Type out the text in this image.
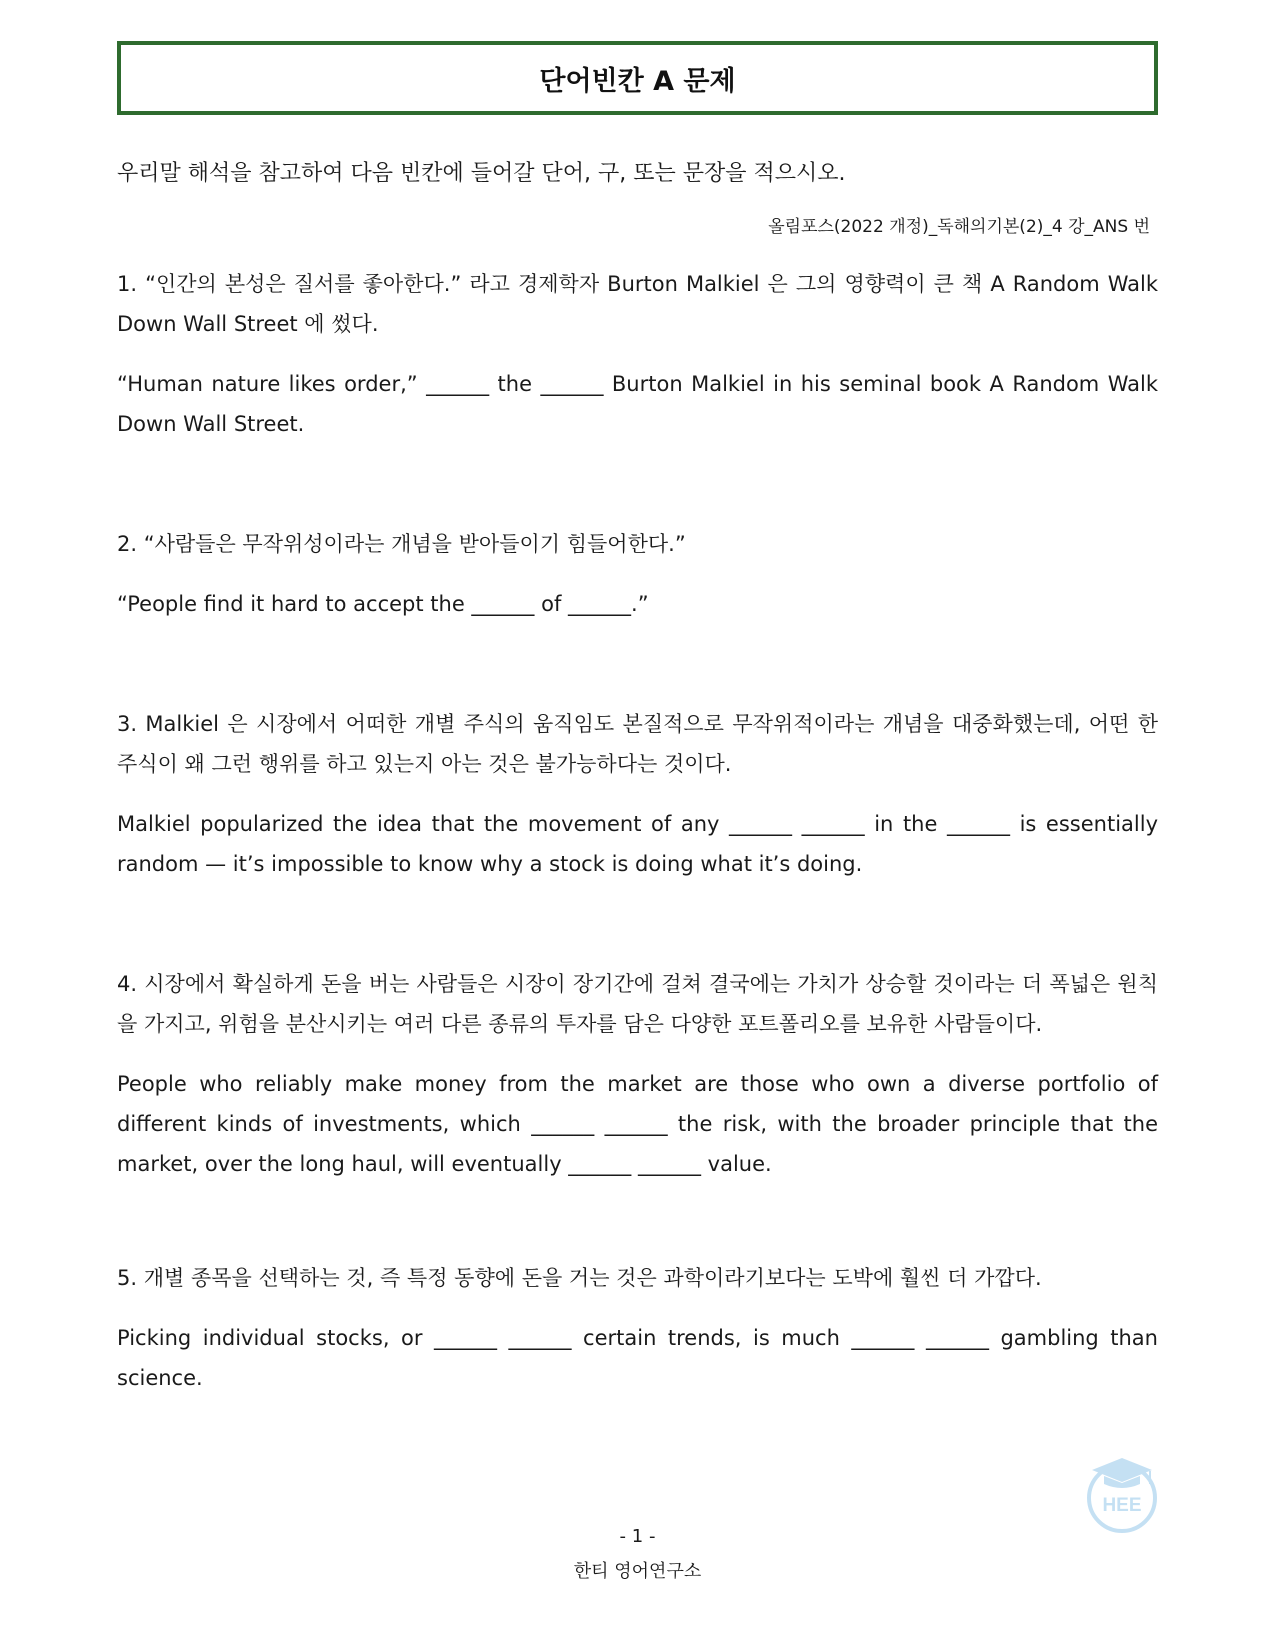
단어빈칸 A 문제
우리말 해석을 참고하여 다음 빈칸에 들어갈 단어, 구, 또는 문장을 적으시오.
올림포스(2022 개정)_독해의기본(2)_4 강_ANS 번

1. “인간의 본성은 질서를 좋아한다.” 라고 경제학자 Burton Malkiel 은 그의 영향력이 큰 책 A Random Walk Down Wall Street 에 썼다.

“Human nature likes order,” ______ the ______ Burton Malkiel in his seminal book A Random Walk Down Wall Street.

2. “사람들은 무작위성이라는 개념을 받아들이기 힘들어한다.”

“People find it hard to accept the ______ of ______.”

3. Malkiel 은 시장에서 어떠한 개별 주식의 움직임도 본질적으로 무작위적이라는 개념을 대중화했는데, 어떤 한 주식이 왜 그런 행위를 하고 있는지 아는 것은 불가능하다는 것이다.

Malkiel popularized the idea that the movement of any ______ ______ in the ______ is essentially random — it’s impossible to know why a stock is doing what it’s doing.

4. 시장에서 확실하게 돈을 버는 사람들은 시장이 장기간에 걸쳐 결국에는 가치가 상승할 것이라는 더 폭넓은 원칙을 가지고, 위험을 분산시키는 여러 다른 종류의 투자를 담은 다양한 포트폴리오를 보유한 사람들이다.

People who reliably make money from the market are those who own a diverse portfolio of different kinds of investments, which ______ ______ the risk, with the broader principle that the market, over the long haul, will eventually ______ ______ value.

5. 개별 종목을 선택하는 것, 즉 특정 동향에 돈을 거는 것은 과학이라기보다는 도박에 훨씬 더 가깝다.

Picking individual stocks, or ______ ______ certain trends, is much ______ ______ gambling than science.

HEE
- 1 -
한티 영어연구소
